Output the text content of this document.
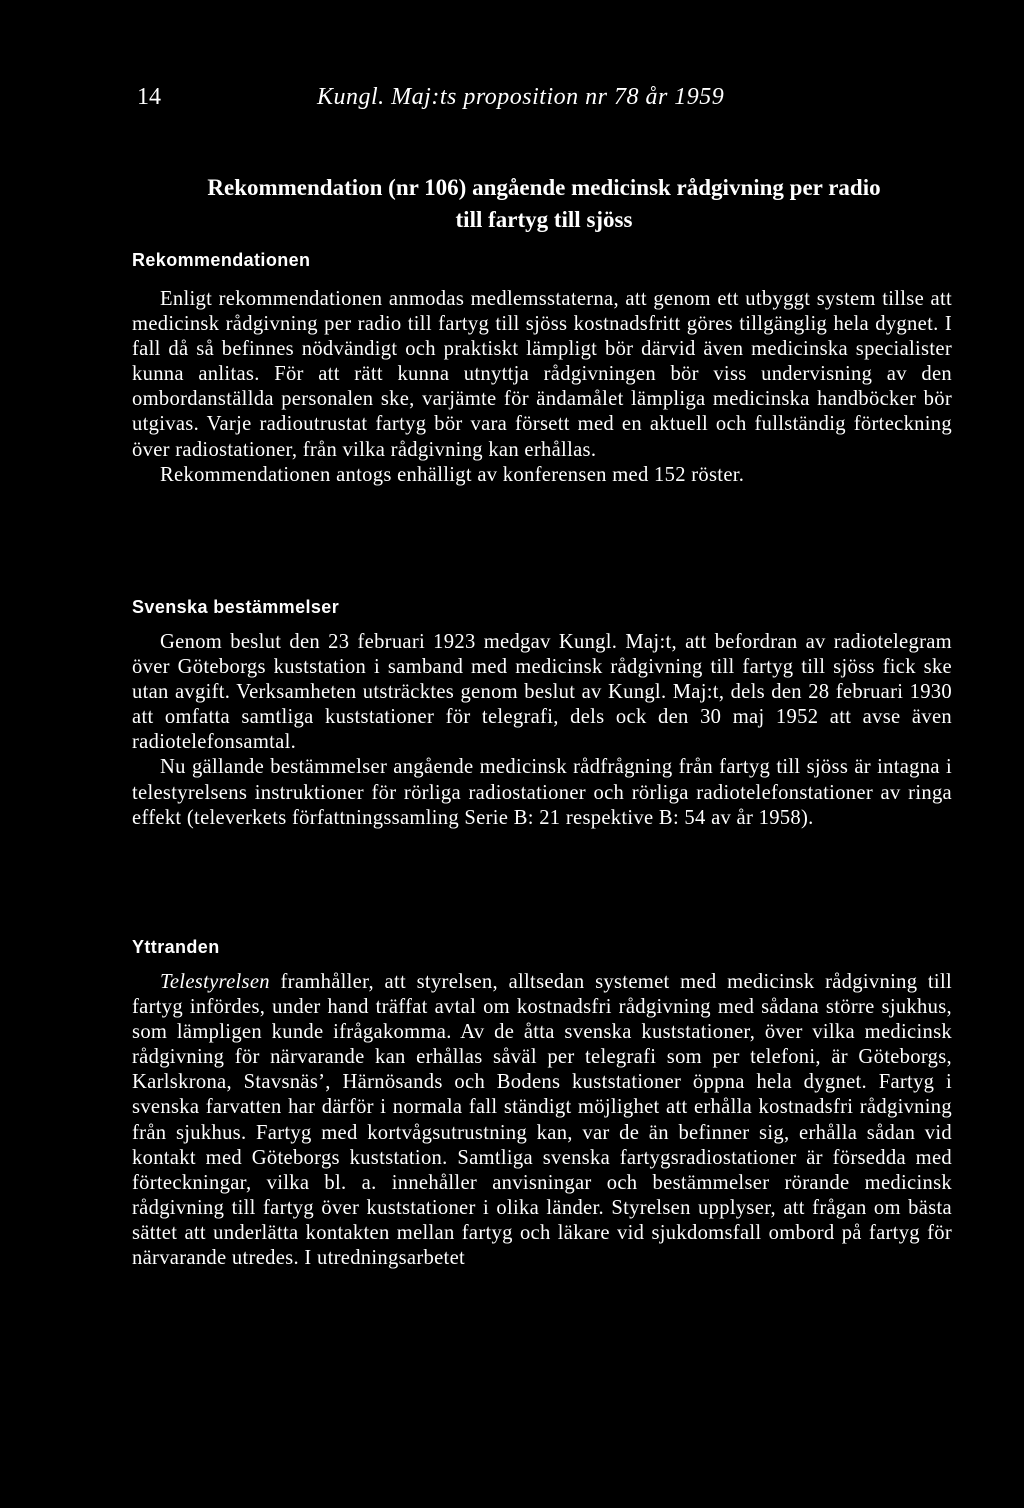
14	Kungl. Maj:ts proposition nr 78 år 1959
Rekommendation (nr 106) angående medicinsk rådgivning per radio
till fartyg till sjöss
Rekommendationen

Enligt rekommendationen anmodas medlemsstaterna, att genom ett utbyggt system tillse att medicinsk rådgivning per radio till fartyg till sjöss kostnadsfritt göres tillgänglig hela dygnet. I fall då så befinnes nödvändigt och praktiskt lämpligt bör därvid även medicinska specialister kunna anlitas. För att rätt kunna utnyttja rådgivningen bör viss undervisning av den ombordanställda personalen ske, varjämte för ändamålet lämpliga medicinska handböcker bör utgivas. Varje radioutrustat fartyg bör vara försett med en aktuell och fullständig förteckning över radiostationer, från vilka rådgivning kan erhållas.

Rekommendationen antogs enhälligt av konferensen med 152 röster.

Svenska bestämmelser

Genom beslut den 23 februari 1923 medgav Kungl. Maj:t, att befordran av radiotelegram över Göteborgs kuststation i samband med medicinsk rådgivning till fartyg till sjöss fick ske utan avgift. Verksamheten utsträcktes genom beslut av Kungl. Maj:t, dels den 28 februari 1930 att omfatta samtliga kuststationer för telegrafi, dels ock den 30 maj 1952 att avse även radiotelefonsamtal.

Nu gällande bestämmelser angående medicinsk rådfrågning från fartyg till sjöss är intagna i telestyrelsens instruktioner för rörliga radiostationer och rörliga radiotelefonstationer av ringa effekt (televerkets författningssamling Serie B: 21 respektive B: 54 av år 1958).

Yttranden

Telestyrelsen framhåller, att styrelsen, alltsedan systemet med medicinsk rådgivning till fartyg infördes, under hand träffat avtal om kostnadsfri rådgivning med sådana större sjukhus, som lämpligen kunde ifrågakomma. Av de åtta svenska kuststationer, över vilka medicinsk rådgivning för närvarande kan erhållas såväl per telegrafi som per telefoni, är Göteborgs, Karlskrona, Stavsnäs’, Härnösands och Bodens kuststationer öppna hela dygnet. Fartyg i svenska farvatten har därför i normala fall ständigt möjlighet att erhålla kostnadsfri rådgivning från sjukhus. Fartyg med kortvågsutrustning kan, var de än befinner sig, erhålla sådan vid kontakt med Göteborgs kuststation. Samtliga svenska fartygsradiostationer är försedda med förteckningar, vilka bl. a. innehåller anvisningar och bestämmelser rörande medicinsk rådgivning till fartyg över kuststationer i olika länder. Styrelsen upplyser, att frågan om bästa sättet att underlätta kontakten mellan fartyg och läkare vid sjukdomsfall ombord på fartyg för närvarande utredes. I utredningsarbetet
